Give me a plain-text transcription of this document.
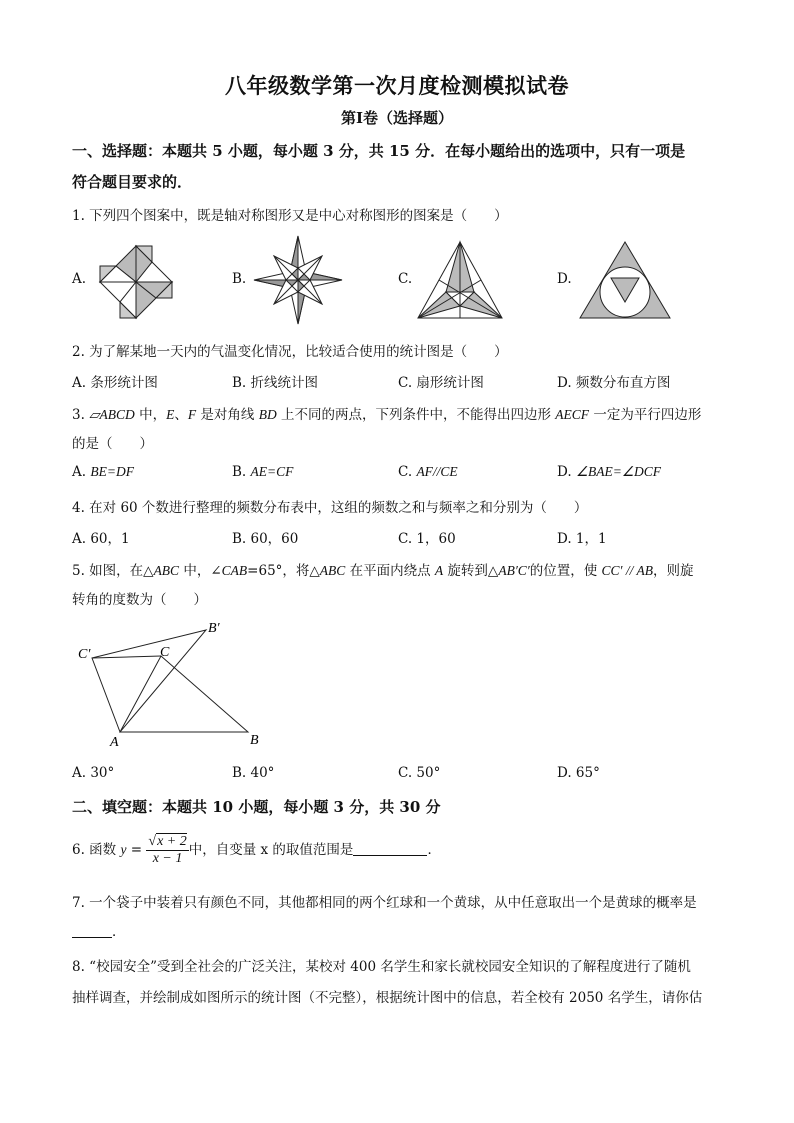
八年级数学第一次月度检测模拟试卷
第Ⅰ卷（选择题）
一、选择题：本题共 5 小题，每小题 3 分，共 15 分．在每小题给出的选项中，只有一项是
符合题目要求的．
1. 下列四个图案中，既是轴对称图形又是中心对称图形的图案是（　　）
A.	B.	C.	D.
2. 为了解某地一天内的气温变化情况，比较适合使用的统计图是（　　）
A. 条形统计图	B. 折线统计图	C. 扇形统计图	D. 频数分布直方图
3. ▱ABCD 中，E、F 是对角线 BD 上不同的两点，下列条件中，不能得出四边形 AECF 一定为平行四边形
的是（　　）
A. BE=DF	B. AE=CF	C. AF//CE	D. ∠BAE=∠DCF
4. 在对 60 个数进行整理的频数分布表中，这组的频数之和与频率之和分别为（　　）
A. 60，1	B. 60，60	C. 1，60	D. 1，1
5. 如图，在△ABC 中，∠CAB=65°，将△ABC 在平面内绕点 A 旋转到△AB′C′的位置，使 CC′ // AB，则旋
转角的度数为（　　）
C′	C
B′
A	B
A. 30°	B. 40°	C. 50°	D. 65°
二、填空题：本题共 10 小题，每小题 3 分，共 30 分
6. 函数 $y = \frac{√x + 2}{x - 1}$ 中，自变量 x 的取值范围是	．
7. 一个袋子中装着只有颜色不同，其他都相同的两个红球和一个黄球，从中任意取出一个是黄球的概率是
．
8. “校园安全”受到全社会的广泛关注，某校对 400 名学生和家长就校园安全知识的了解程度进行了随机
抽样调查，并绘制成如图所示的统计图（不完整），根据统计图中的信息，若全校有 2050 名学生，请你估
